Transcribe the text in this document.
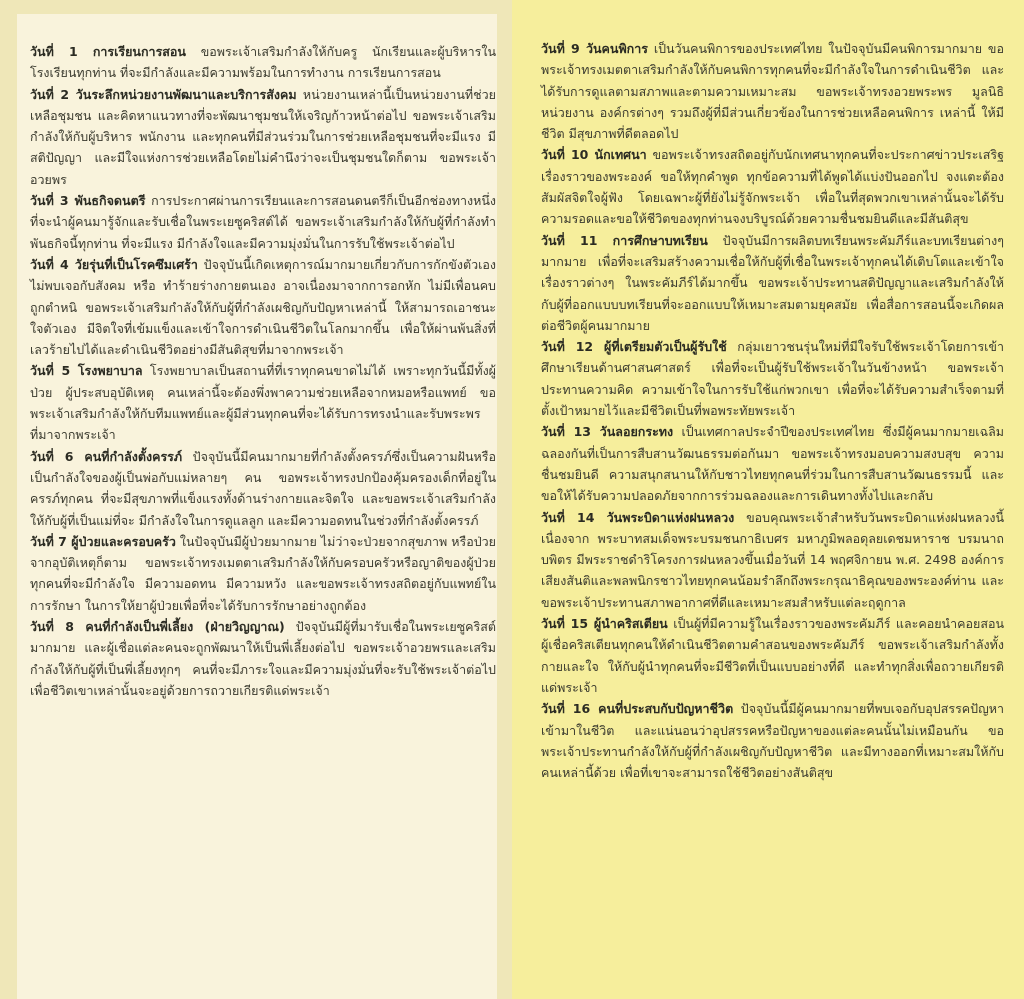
วันที่ 1 การเรียนการสอน ขอพระเจ้าเสริมกำลังให้กับครู นักเรียนและผู้บริหารในโรงเรียนทุกท่าน ที่จะมีกำลังและมีความพร้อมในการทำงาน การเรียนการสอน

วันที่ 2 วันระลึกหน่วยงานพัฒนาและบริการสังคม หน่วยงานเหล่านี้เป็นหน่วยงานที่ช่วยเหลือชุมชน และคิดหาแนวทางที่จะพัฒนาชุมชนให้เจริญก้าวหน้าต่อไป ขอพระเจ้าเสริมกำลังให้กับผู้บริหาร พนักงาน และทุกคนที่มีส่วนร่วมในการช่วยเหลือชุมชนที่จะมีแรง มีสติปัญญา และมีใจแห่งการช่วยเหลือโดยไม่คำนึงว่าจะเป็นชุมชนใดก็ตาม ขอพระเจ้าอวยพร

วันที่ 3 พันธกิจดนตรี การประกาศผ่านการเรียนและการสอนดนตรีก็เป็นอีกช่องทางหนึ่งที่จะนำผู้คนมารู้จักและรับเชื่อในพระเยซูคริสต์ได้ ขอพระเจ้าเสริมกำลังให้กับผู้ที่กำลังทำพันธกิจนี้ทุกท่าน ที่จะมีแรง มีกำลังใจและมีความมุ่งมั่นในการรับใช้พระเจ้าต่อไป

วันที่ 4 วัยรุ่นที่เป็นโรคซึมเศร้า ปัจจุบันนี้เกิดเหตุการณ์มากมายเกี่ยวกับการกักขังตัวเองไม่พบเจอกับสังคม หรือ ทำร้ายร่างกายตนเอง อาจเนื่องมาจากการอกหัก ไม่มีเพื่อนคบ ถูกตำหนิ ขอพระเจ้าเสริมกำลังให้กับผู้ที่กำลังเผชิญกับปัญหาเหล่านี้ ให้สามารถเอาชนะใจตัวเอง มีจิตใจที่เข้มแข็งและเข้าใจการดำเนินชีวิตในโลกมากขึ้น เพื่อให้ผ่านพ้นสิ่งที่เลวร้ายไปได้และดำเนินชีวิตอย่างมีสันติสุขที่มาจากพระเจ้า

วันที่ 5 โรงพยาบาล โรงพยาบาลเป็นสถานที่ที่เราทุกคนขาดไม่ได้ เพราะทุกวันนี้มีทั้งผู้ป่วย ผู้ประสบอุบัติเหตุ คนเหล่านี้จะต้องพึ่งพาความช่วยเหลือจากหมอหรือแพทย์ ขอพระเจ้าเสริมกำลังให้กับทีมแพทย์และผู้มีส่วนทุกคนที่จะได้รับการทรงนำและรับพระพรที่มาจากพระเจ้า

วันที่ 6 คนที่กำลังตั้งครรภ์ ปัจจุบันนี้มีคนมากมายที่กำลังตั้งครรภ์ซึ่งเป็นความฝันหรือเป็นกำลังใจของผู้เป็นพ่อกับแม่หลายๆ คน ขอพระเจ้าทรงปกป้องคุ้มครองเด็กที่อยู่ในครรภ์ทุกคน ที่จะมีสุขภาพที่แข็งแรงทั้งด้านร่างกายและจิตใจ และขอพระเจ้าเสริมกำลังให้กับผู้ที่เป็นแม่ที่จะ มีกำลังใจในการดูแลลูก และมีความอดทนในช่วงที่กำลังตั้งครรภ์

วันที่ 7 ผู้ป่วยและครอบครัว ในปัจจุบันมีผู้ป่วยมากมาย ไม่ว่าจะป่วยจากสุขภาพ หรือป่วยจากอุบัติเหตุก็ตาม ขอพระเจ้าทรงเมตตาเสริมกำลังให้กับครอบครัวหรือญาติของผู้ป่วยทุกคนที่จะมีกำลังใจ มีความอดทน มีความหวัง และขอพระเจ้าทรงสถิตอยู่กับแพทย์ในการรักษา ในการให้ยาผู้ป่วยเพื่อที่จะได้รับการรักษาอย่างถูกต้อง

วันที่ 8 คนที่กำลังเป็นพี่เลี้ยง (ฝ่ายวิญญาณ) ปัจจุบันมีผู้ที่มารับเชื่อในพระเยซูคริสต์มากมาย และผู้เชื่อแต่ละคนจะถูกพัฒนาให้เป็นพี่เลี้ยงต่อไป ขอพระเจ้าอวยพรและเสริมกำลังให้กับผู้ที่เป็นพี่เลี้ยงทุกๆ คนที่จะมีภาระใจและมีความมุ่งมั่นที่จะรับใช้พระเจ้าต่อไป เพื่อชีวิตเขาเหล่านั้นจะอยู่ด้วยการถวายเกียรติแด่พระเจ้า

วันที่ 9 วันคนพิการ เป็นวันคนพิการของประเทศไทย ในปัจจุบันมีคนพิการมากมาย ขอพระเจ้าทรงเมตตาเสริมกำลังให้กับคนพิการทุกคนที่จะมีกำลังใจในการดำเนินชีวิต และได้รับการดูแลตามสภาพและตามความเหมาะสม ขอพระเจ้าทรงอวยพระพร มูลนิธิ หน่วยงาน องค์กรต่างๆ รวมถึงผู้ที่มีส่วนเกี่ยวข้องในการช่วยเหลือคนพิการ เหล่านี้ ให้มีชีวิต มีสุขภาพที่ดีตลอดไป

วันที่ 10 นักเทศนา ขอพระเจ้าทรงสถิตอยู่กับนักเทศนาทุกคนที่จะประกาศข่าวประเสริฐเรื่องราวของพระองค์ ขอให้ทุกคำพูด ทุกข้อความที่ได้พูดได้แบ่งปันออกไป จงแตะต้องสัมผัสจิตใจผู้ฟัง โดยเฉพาะผู้ที่ยังไม่รู้จักพระเจ้า เพื่อในที่สุดพวกเขาเหล่านั้นจะได้รับความรอดและขอให้ชีวิตของทุกท่านจงบริบูรณ์ด้วยความชื่นชมยินดีและมีสันติสุข

วันที่ 11 การศึกษาบทเรียน ปัจจุบันมีการผลิตบทเรียนพระคัมภีร์และบทเรียนต่างๆ มากมาย เพื่อที่จะเสริมสร้างความเชื่อให้กับผู้ที่เชื่อในพระเจ้าทุกคนได้เติบโตและเข้าใจเรื่องราวต่างๆ ในพระคัมภีร์ได้มากขึ้น ขอพระเจ้าประทานสติปัญญาและเสริมกำลังให้กับผู้ที่ออกแบบบทเรียนที่จะออกแบบให้เหมาะสมตามยุคสมัย เพื่อสื่อการสอนนี้จะเกิดผลต่อชีวิตผู้คนมากมาย

วันที่ 12 ผู้ที่เตรียมตัวเป็นผู้รับใช้ กลุ่มเยาวชนรุ่นใหม่ที่มีใจรับใช้พระเจ้าโดยการเข้าศึกษาเรียนด้านศาสนศาสตร์ เพื่อที่จะเป็นผู้รับใช้พระเจ้าในวันข้างหน้า ขอพระเจ้าประทานความคิด ความเข้าใจในการรับใช้แก่พวกเขา เพื่อที่จะได้รับความสำเร็จตามที่ตั้งเป้าหมายไว้และมีชีวิตเป็นที่พอพระทัยพระเจ้า

วันที่ 13 วันลอยกระทง เป็นเทศกาลประจำปีของประเทศไทย ซึ่งมีผู้คนมากมายเฉลิมฉลองกันที่เป็นการสืบสานวัฒนธรรมต่อกันมา ขอพระเจ้าทรงมอบความสงบสุข ความชื่นชมยินดี ความสนุกสนานให้กับชาวไทยทุกคนที่ร่วมในการสืบสานวัฒนธรรมนี้ และขอให้ได้รับความปลอดภัยจากการร่วมฉลองและการเดินทางทั้งไปและกลับ

วันที่ 14 วันพระบิดาแห่งฝนหลวง ขอบคุณพระเจ้าสำหรับวันพระบิดาแห่งฝนหลวงนี้เนื่องจาก พระบาทสมเด็จพระบรมชนกาธิเบศร มหาภูมิพลอดุลยเดชมหาราช บรมนาถบพิตร มีพระราชดำริโครงการฝนหลวงขึ้นเมื่อวันที่ 14 พฤศจิกายน พ.ศ. 2498 องค์การเสียงสันติและพลพนิกรชาวไทยทุกคนน้อมรำลึกถึงพระกรุณาธิคุณของพระองค์ท่าน และขอพระเจ้าประทานสภาพอากาศที่ดีและเหมาะสมสำหรับแต่ละฤดูกาล

วันที่ 15 ผู้นำคริสเตียน เป็นผู้ที่มีความรู้ในเรื่องราวของพระคัมภีร์ และคอยนำคอยสอนผู้เชื่อคริสเตียนทุกคนให้ดำเนินชีวิตตามคำสอนของพระคัมภีร์ ขอพระเจ้าเสริมกำลังทั้งกายและใจ ให้กับผู้นำทุกคนที่จะมีชีวิตที่เป็นแบบอย่างที่ดี และทำทุกสิ่งเพื่อถวายเกียรติแด่พระเจ้า

วันที่ 16 คนที่ประสบกับปัญหาชีวิต ปัจจุบันนี้มีผู้คนมากมายที่พบเจอกับอุปสรรคปัญหาเข้ามาในชีวิต และแน่นอนว่าอุปสรรคหรือปัญหาของแต่ละคนนั้นไม่เหมือนกัน ขอพระเจ้าประทานกำลังให้กับผู้ที่กำลังเผชิญกับปัญหาชีวิต และมีทางออกที่เหมาะสมให้กับคนเหล่านี้ด้วย เพื่อที่เขาจะสามารถใช้ชีวิตอย่างสันติสุข
